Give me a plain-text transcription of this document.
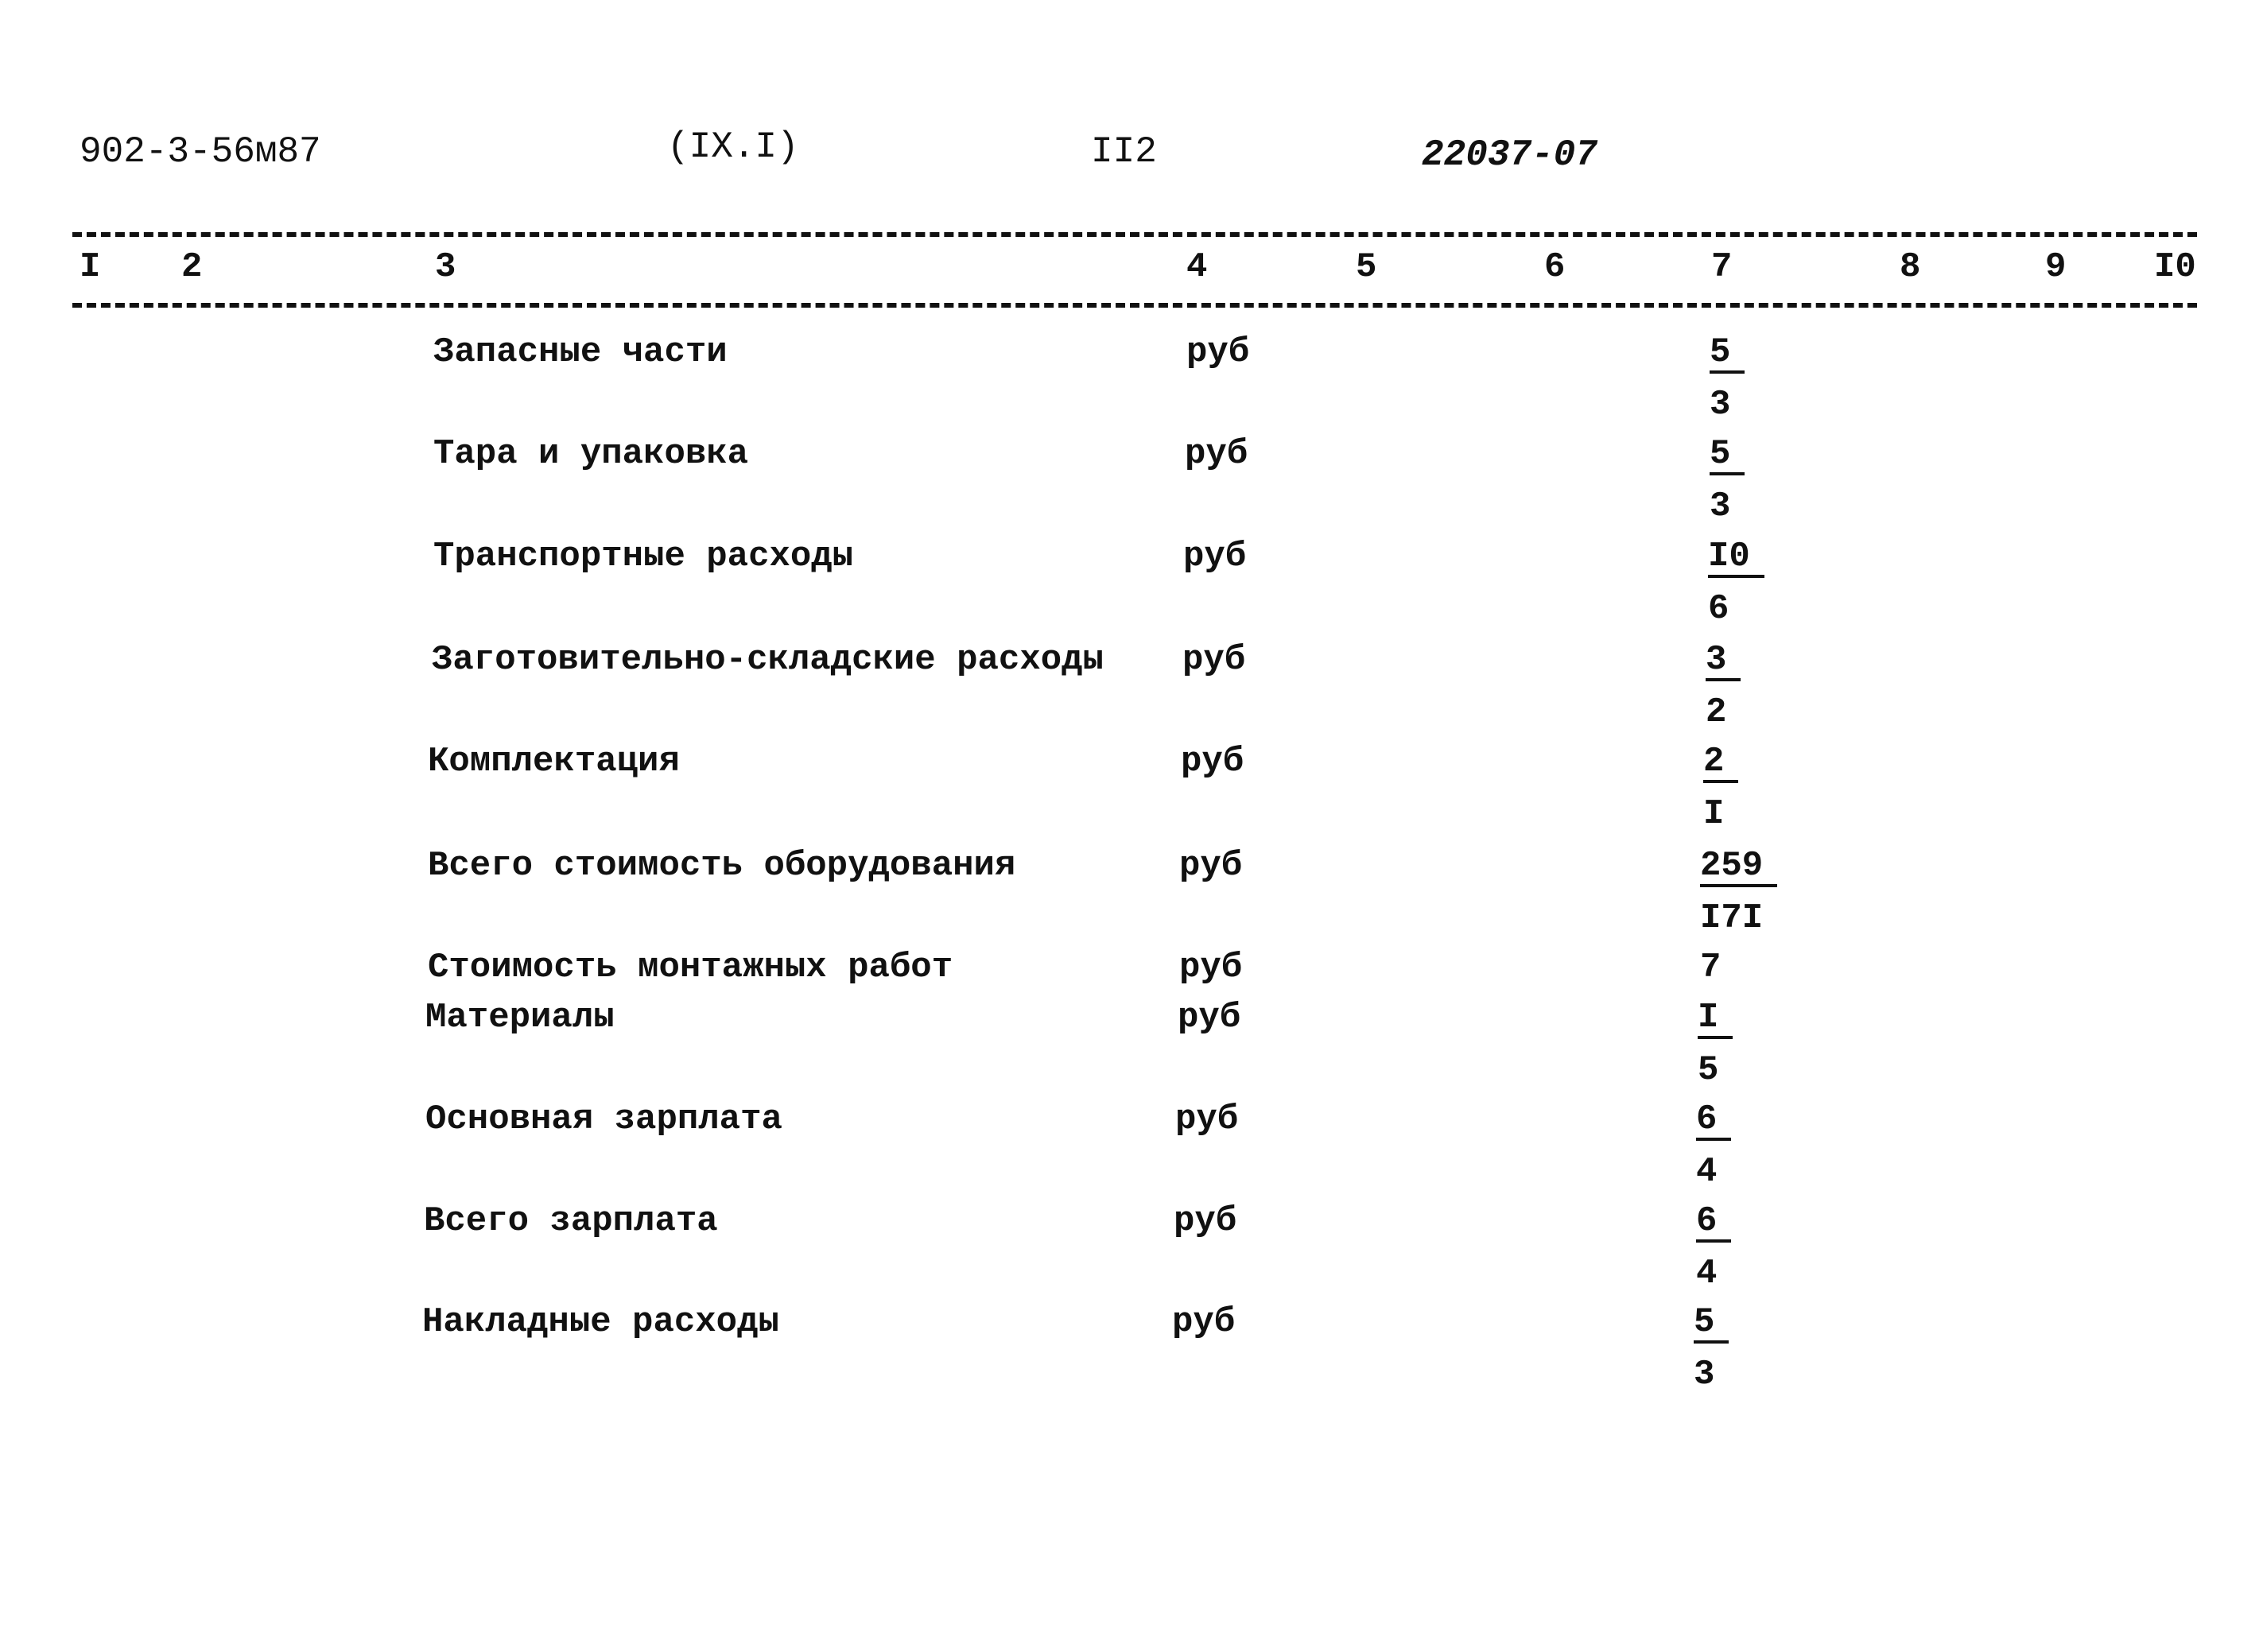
902-3-56м87	(IX.I)	II2	22037-07
I 2	3	4	5	6	7	8	9	I0
Запасные части	руб	$\frac{5}{3}$
Тара и упаковка	руб	$\frac{5}{3}$
Транспортные расходы	руб	$\frac{I0}{6}$
Заготовительно-складские расходы руб	$\frac{3}{2}$
Комплектация	руб	$\frac{2}{I}$
Всего стоимость оборудования	руб	$\frac{259}{I7I}$
Стоимость монтажных работ	руб	7
Материалы	руб	$\frac{I}{5}$
Основная зарплата	руб	$\frac{6}{4}$
Всего зарплата	руб	$\frac{6}{4}$
Накладные расходы	руб	$\frac{5}{3}$
